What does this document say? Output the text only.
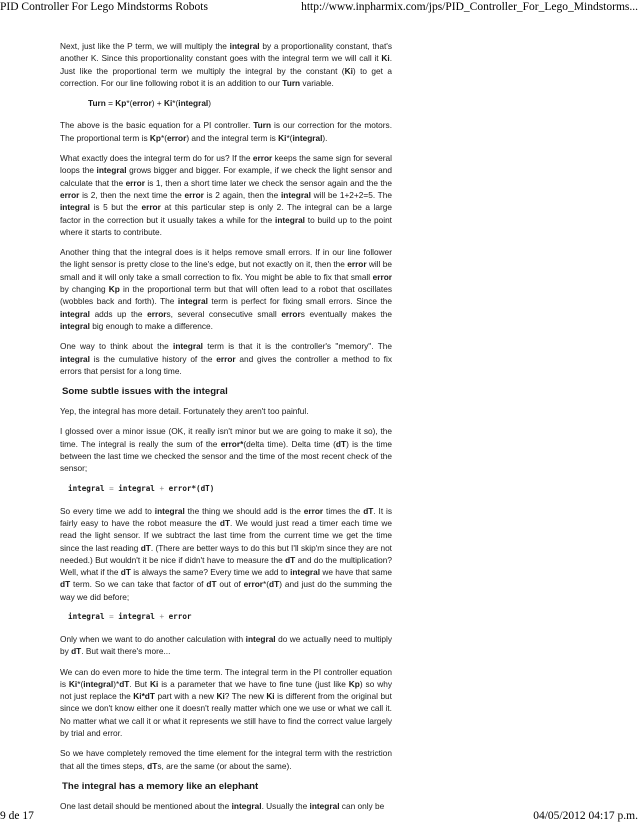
PID Controller For Lego Mindstorms Robots	http://www.inpharmix.com/jps/PID_Controller_For_Lego_Mindstorms...

Next, just like the P term, we will multiply the integral by a proportionality constant, that's another K. Since this proportionality constant goes with the integral term we will call it Ki. Just like the proportional term we multiply the integral by the constant (Ki) to get a correction. For our line following robot it is an addition to our Turn variable.

Turn = Kp*(error) + Ki*(integral)

The above is the basic equation for a PI controller. Turn is our correction for the motors. The proportional term is Kp*(error) and the integral term is Ki*(integral).

What exactly does the integral term do for us? If the error keeps the same sign for several loops the integral grows bigger and bigger. For example, if we check the light sensor and calculate that the error is 1, then a short time later we check the sensor again and the the error is 2, then the next time the error is 2 again, then the integral will be 1+2+2=5. The integral is 5 but the error at this particular step is only 2. The integral can be a large factor in the correction but it usually takes a while for the integral to build up to the point where it starts to contribute.

Another thing that the integral does is it helps remove small errors. If in our line follower the light sensor is pretty close to the line's edge, but not exactly on it, then the error will be small and it will only take a small correction to fix. You might be able to fix that small error by changing Kp in the proportional term but that will often lead to a robot that oscillates (wobbles back and forth). The integral term is perfect for fixing small errors. Since the integral adds up the errors, several consecutive small errors eventually makes the integral big enough to make a difference.

One way to think about the integral term is that it is the controller's "memory". The integral is the cumulative history of the error and gives the controller a method to fix errors that persist for a long time.

Some subtle issues with the integral

Yep, the integral has more detail. Fortunately they aren't too painful.

I glossed over a minor issue (OK, it really isn't minor but we are going to make it so), the time. The integral is really the sum of the error*(delta time). Delta time (dT) is the time between the last time we checked the sensor and the time of the most recent check of the sensor;

integral = integral + error*(dT)

So every time we add to integral the thing we should add is the error times the dT. It is fairly easy to have the robot measure the dT. We would just read a timer each time we read the light sensor. If we subtract the last time from the current time we get the time since the last reading dT. (There are better ways to do this but I'll skip'm since they are not needed.) But wouldn't it be nice if didn't have to measure the dT and do the multiplication? Well, what if the dT is always the same? Every time we add to integral we have that same dT term. So we can take that factor of dT out of error*(dT) and just do the summing the way we did before;

integral = integral + error

Only when we want to do another calculation with integral do we actually need to multiply by dT. But wait there's more...

We can do even more to hide the time term. The integral term in the PI controller equation is Ki*(integral)*dT. But Ki is a parameter that we have to fine tune (just like Kp) so why not just replace the Ki*dT part with a new Ki? The new Ki is different from the original but since we don't know either one it doesn't really matter which one we use or what we call it. No matter what we call it or what it represents we still have to find the correct value largely by trial and error.

So we have completely removed the time element for the integral term with the restriction that all the times steps, dTs, are the same (or about the same).

The integral has a memory like an elephant

One last detail should be mentioned about the integral. Usually the integral can only be

9 de 17	04/05/2012 04:17 p.m.
